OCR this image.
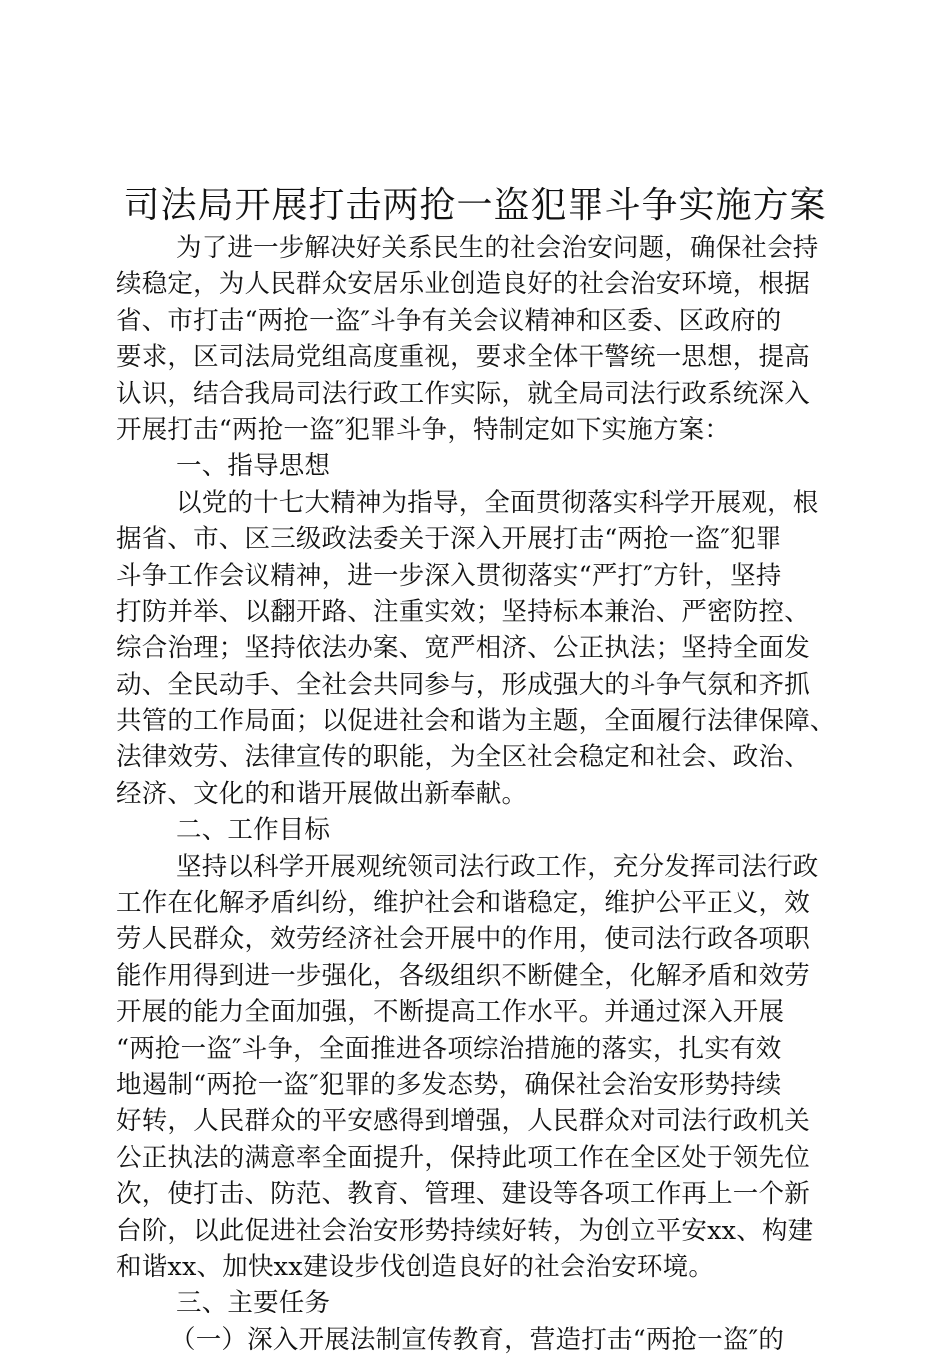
司法局开展打击两抢一盗犯罪斗争实施方案
为了进一步解决好关系民生的社会治安问题，确保社会持
续稳定，为人民群众安居乐业创造良好的社会治安环境，根据
省、市打击“两抢一盗″斗争有关会议精神和区委、区政府的
要求，区司法局党组高度重视，要求全体干警统一思想，提高
认识，结合我局司法行政工作实际，就全局司法行政系统深入
开展打击“两抢一盗″犯罪斗争，特制定如下实施方案：
一、指导思想
以党的十七大精神为指导，全面贯彻落实科学开展观，根
据省、市、区三级政法委关于深入开展打击“两抢一盗″犯罪
斗争工作会议精神，进一步深入贯彻落实“严打″方针，坚持
打防并举、以翻开路、注重实效；坚持标本兼治、严密防控、
综合治理；坚持依法办案、宽严相济、公正执法；坚持全面发
动、全民动手、全社会共同参与，形成强大的斗争气氛和齐抓
共管的工作局面；以促进社会和谐为主题，全面履行法律保障、
法律效劳、法律宣传的职能，为全区社会稳定和社会、政治、
经济、文化的和谐开展做出新奉献。
二、工作目标
坚持以科学开展观统领司法行政工作，充分发挥司法行政
工作在化解矛盾纠纷，维护社会和谐稳定，维护公平正义，效
劳人民群众，效劳经济社会开展中的作用，使司法行政各项职
能作用得到进一步强化，各级组织不断健全，化解矛盾和效劳
开展的能力全面加强，不断提高工作水平。并通过深入开展
“两抢一盗″斗争，全面推进各项综治措施的落实，扎实有效
地遏制“两抢一盗″犯罪的多发态势，确保社会治安形势持续
好转，人民群众的平安感得到增强，人民群众对司法行政机关
公正执法的满意率全面提升，保持此项工作在全区处于领先位
次，使打击、防范、教育、管理、建设等各项工作再上一个新
台阶，以此促进社会治安形势持续好转，为创立平安xx、构建
和谐xx、加快xx建设步伐创造良好的社会治安环境。
三、主要任务
（一）深入开展法制宣传教育，营造打击“两抢一盗″的
